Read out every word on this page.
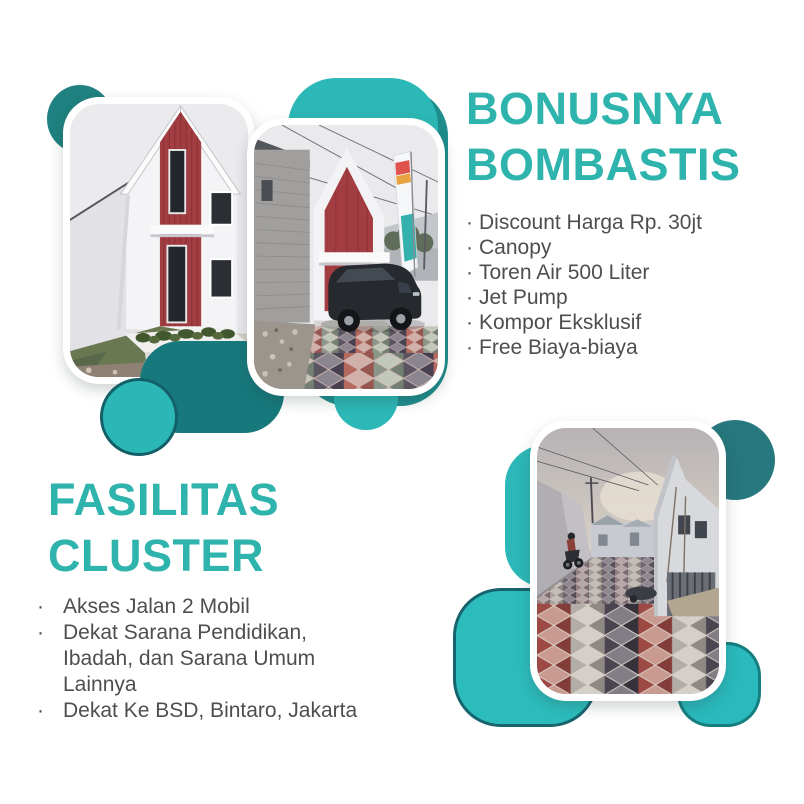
BONUSNYA
BOMBASTIS
· Discount Harga Rp. 30jt
· Canopy
· Toren Air 500 Liter
· Jet Pump
· Kompor Eksklusif
· Free Biaya-biaya
FASILITAS
CLUSTER
· Akses Jalan 2 Mobil
· Dekat Sarana Pendidikan,
Ibadah, dan Sarana Umum
Lainnya
· Dekat Ke BSD, Bintaro, Jakarta
